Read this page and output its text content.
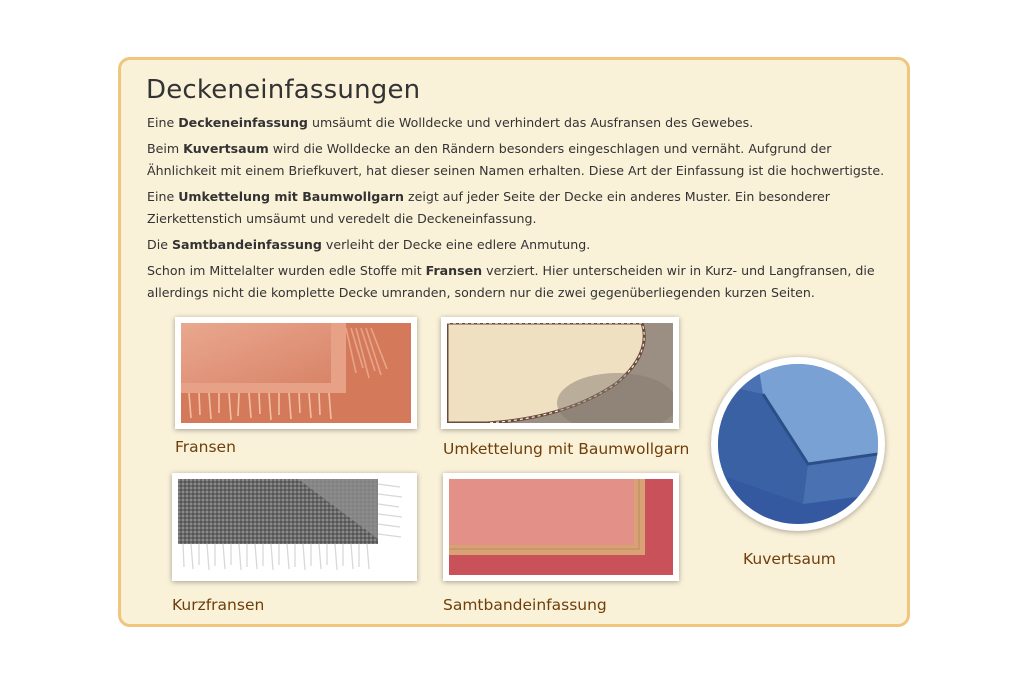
Deckeneinfassungen
Eine Deckeneinfassung umsäumt die Wolldecke und verhindert das Ausfransen des Gewebes.
Beim Kuvertsaum wird die Wolldecke an den Rändern besonders eingeschlagen und vernäht. Aufgrund der Ähnlichkeit mit einem Briefkuvert, hat dieser seinen Namen erhalten. Diese Art der Einfassung ist die hochwertigste.
Eine Umkettelung mit Baumwollgarn zeigt auf jeder Seite der Decke ein anderes Muster. Ein besonderer Zierkettenstich umsäumt und veredelt die Deckeneinfassung.
Die Samtbandeinfassung verleiht der Decke eine edlere Anmutung.
Schon im Mittelalter wurden edle Stoffe mit Fransen verziert. Hier unterscheiden wir in Kurz- und Langfransen, die allerdings nicht die komplette Decke umranden, sondern nur die zwei gegenüberliegenden kurzen Seiten.
Fransen	Umkettelung mit Baumwollgarn
Kurzfransen	Samtbandeinfassung
Kuvertsaum
